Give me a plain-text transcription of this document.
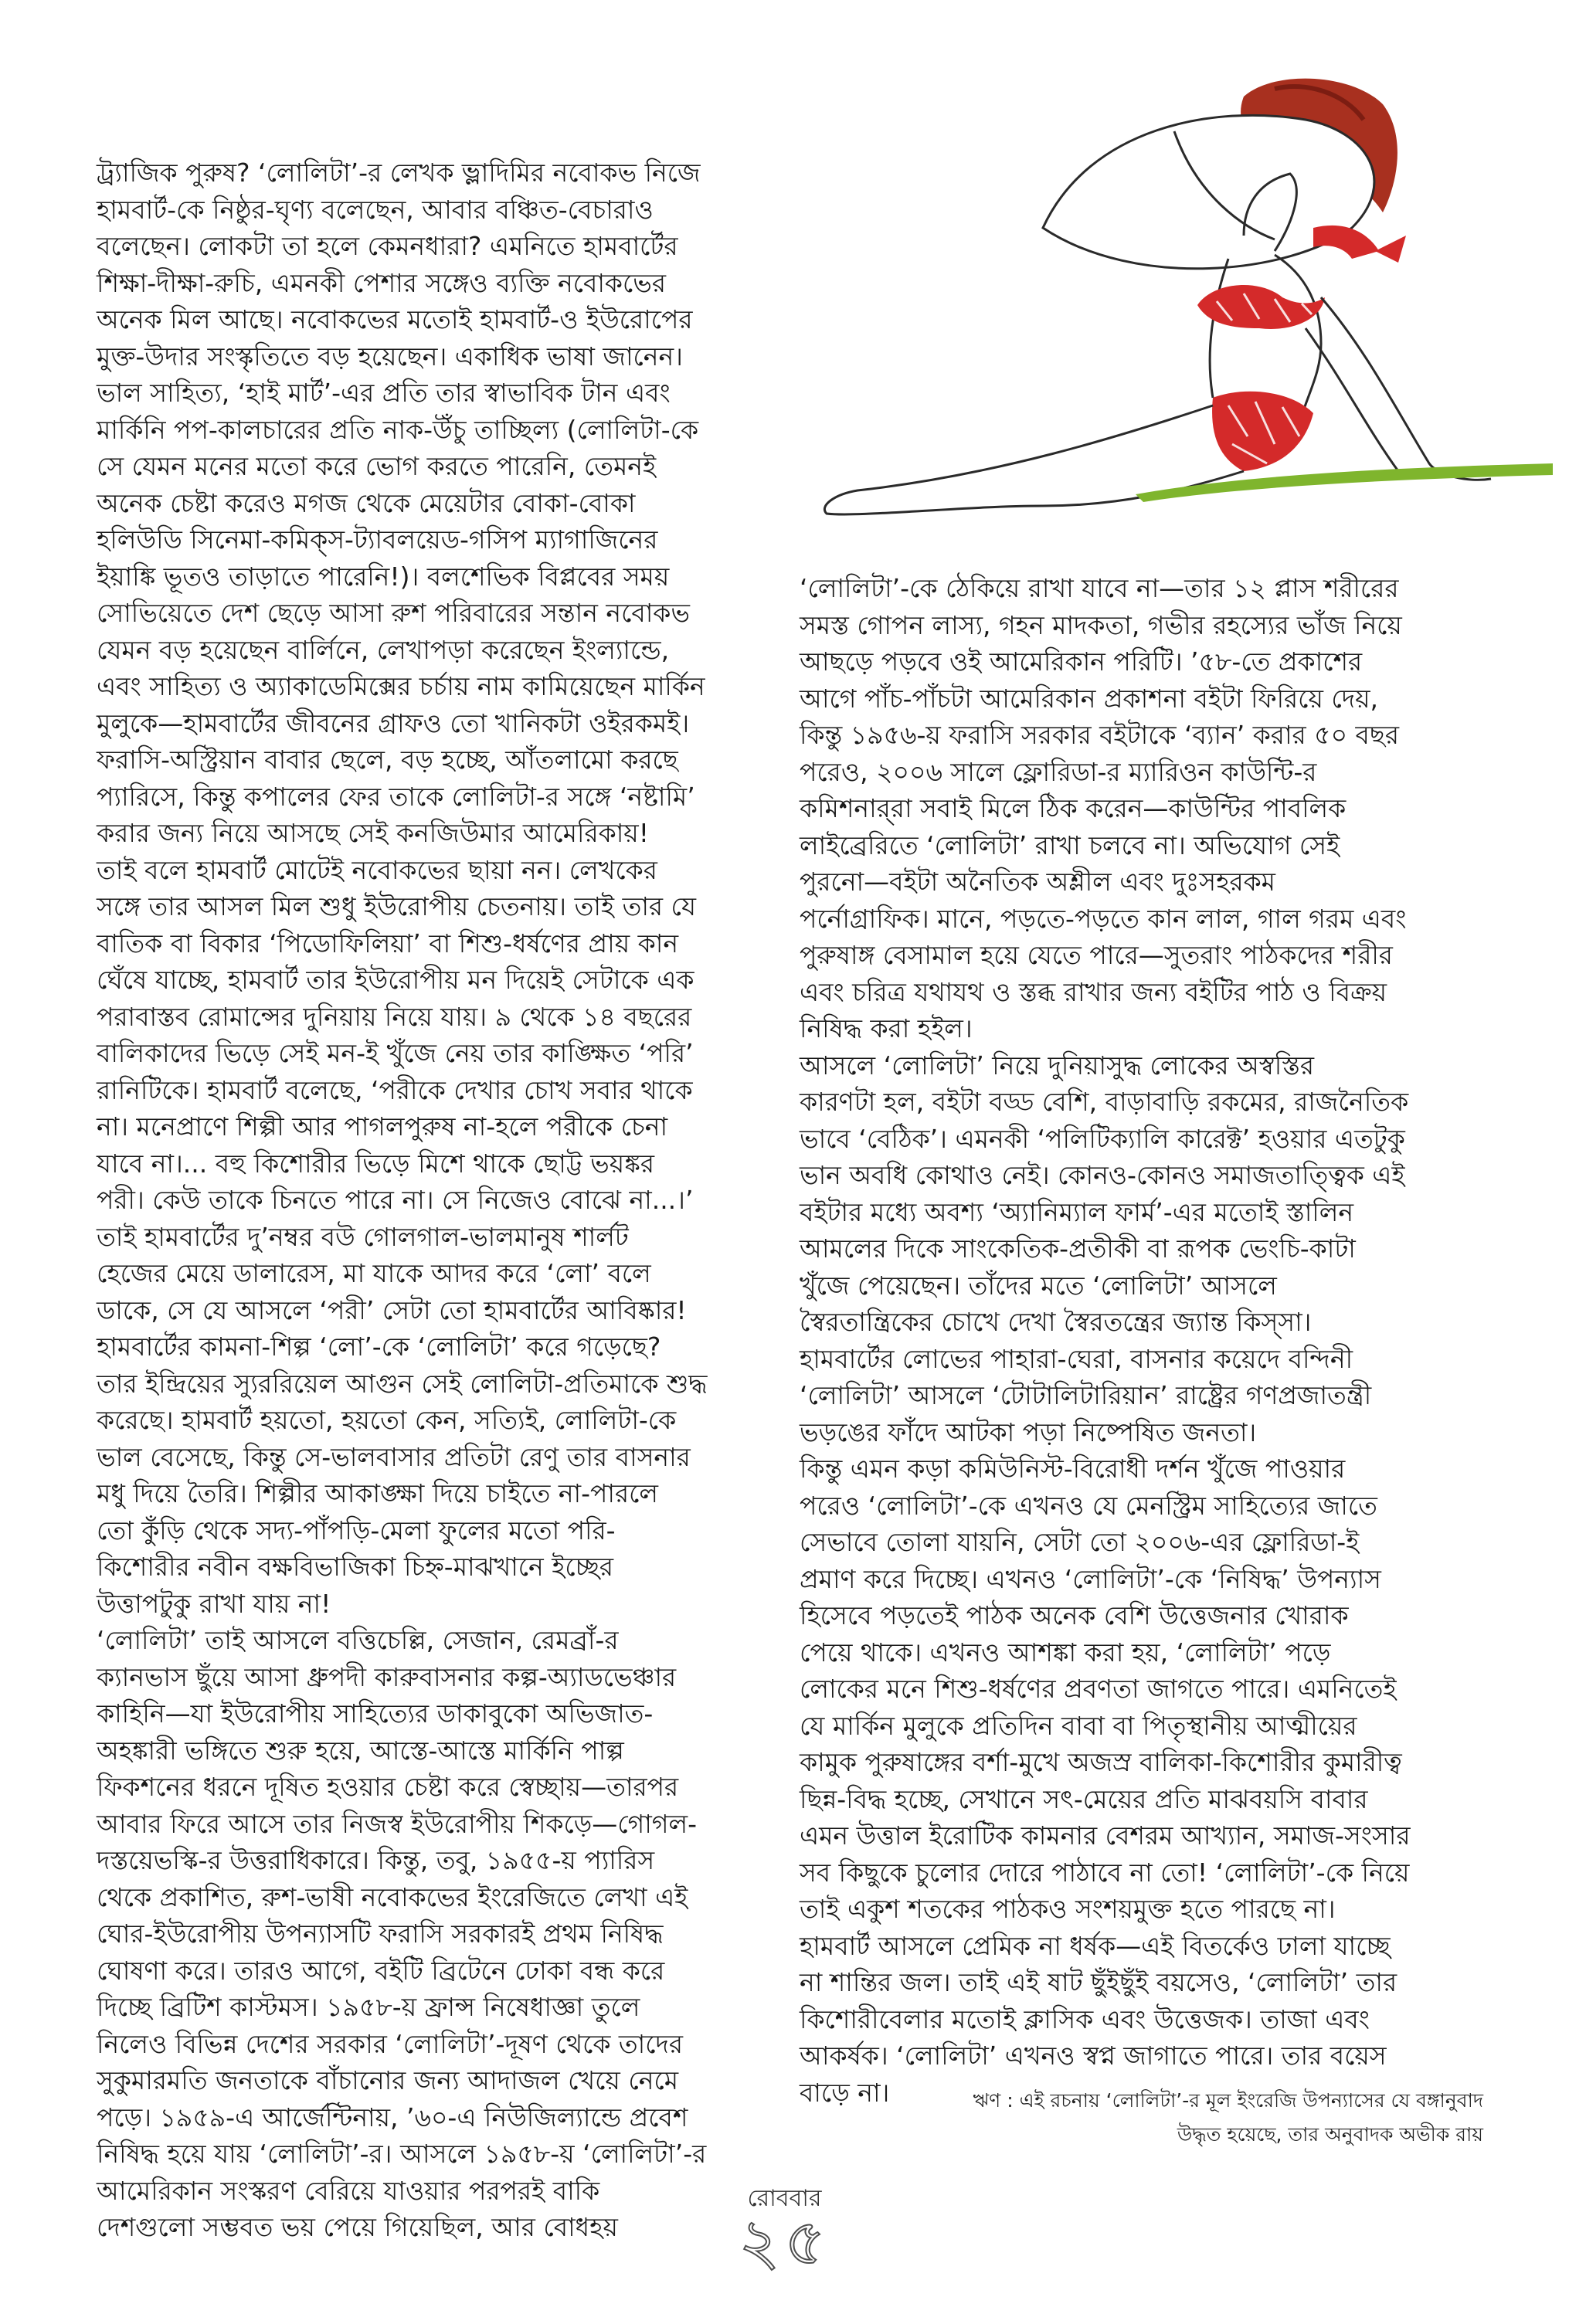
ট্র্যাজিক পুরুষ? ‘লোলিটা’-র লেখক ভ্লাদিমির নবোকভ নিজে

হামবার্ট-কে নিষ্ঠুর-ঘৃণ্য বলেছেন, আবার বঞ্চিত-বেচারাও

বলেছেন। লোকটা তা হলে কেমনধারা? এমনিতে হামবার্টের

শিক্ষা-দীক্ষা-রুচি, এমনকী পেশার সঙ্গেও ব্যক্তি নবোকভের

অনেক মিল আছে। নবোকভের মতোই হামবার্ট-ও ইউরোপের

মুক্ত-উদার সংস্কৃতিতে বড় হয়েছেন। একাধিক ভাষা জানেন।

ভাল সাহিত্য, ‘হাই মার্ট’-এর প্রতি তার স্বাভাবিক টান এবং

মার্কিনি পপ-কালচারের প্রতি নাক-উঁচু তাচ্ছিল্য (লোলিটা-কে

সে যেমন মনের মতো করে ভোগ করতে পারেনি, তেমনই

অনেক চেষ্টা করেও মগজ থেকে মেয়েটার বোকা-বোকা

হলিউডি সিনেমা-কমিক্‌স-ট্যাবলয়েড-গসিপ ম্যাগাজিনের

ইয়াঙ্কি ভূতও তাড়াতে পারেনি!)। বলশেভিক বিপ্লবের সময়

সোভিয়েতে দেশ ছেড়ে আসা রুশ পরিবারের সন্তান নবোকভ

যেমন বড় হয়েছেন বার্লিনে, লেখাপড়া করেছেন ইংল্যান্ডে,

এবং সাহিত্য ও অ্যাকাডেমিক্সের চর্চায় নাম কামিয়েছেন মার্কিন

মুলুকে—হামবার্টের জীবনের গ্রাফও তো খানিকটা ওইরকমই।

ফরাসি-অস্ট্রিয়ান বাবার ছেলে, বড় হচ্ছে, আঁতলামো করছে

প্যারিসে, কিন্তু কপালের ফের তাকে লোলিটা-র সঙ্গে ‘নষ্টামি’

করার জন্য নিয়ে আসছে সেই কনজিউমার আমেরিকায়!

তাই বলে হামবার্ট মোটেই নবোকভের ছায়া নন। লেখকের

সঙ্গে তার আসল মিল শুধু ইউরোপীয় চেতনায়। তাই তার যে

বাতিক বা বিকার ‘পিডোফিলিয়া’ বা শিশু-ধর্ষণের প্রায় কান

ঘেঁষে যাচ্ছে, হামবার্ট তার ইউরোপীয় মন দিয়েই সেটাকে এক

পরাবাস্তব রোমান্সের দুনিয়ায় নিয়ে যায়। ৯ থেকে ১৪ বছরের

বালিকাদের ভিড়ে সেই মন-ই খুঁজে নেয় তার কাঙ্ক্ষিত ‘পরি’

রানিটিকে। হামবার্ট বলেছে, ‘পরীকে দেখার চোখ সবার থাকে

না। মনেপ্রাণে শিল্পী আর পাগলপুরুষ না-হলে পরীকে চেনা

যাবে না।... বহু কিশোরীর ভিড়ে মিশে থাকে ছোট্ট ভয়ঙ্কর

পরী। কেউ তাকে চিনতে পারে না। সে নিজেও বোঝে না...।’

তাই হামবার্টের দু’নম্বর বউ গোলগাল-ভালমানুষ শার্লট

হেজের মেয়ে ডালারেস, মা যাকে আদর করে ‘লো’ বলে

ডাকে, সে যে আসলে ‘পরী’ সেটা তো হামবার্টের আবিষ্কার!

হামবার্টের কামনা-শিল্প ‘লো’-কে ‘লোলিটা’ করে গড়েছে?

তার ইন্দ্রিয়ের স্যুররিয়েল আগুন সেই লোলিটা-প্রতিমাকে শুদ্ধ

করেছে। হামবার্ট হয়তো, হয়তো কেন, সত্যিই, লোলিটা-কে

ভাল বেসেছে, কিন্তু সে-ভালবাসার প্রতিটা রেণু তার বাসনার

মধু দিয়ে তৈরি। শিল্পীর আকাঙ্ক্ষা দিয়ে চাইতে না-পারলে

তো কুঁড়ি থেকে সদ্য-পাঁপড়ি-মেলা ফুলের মতো পরি-

কিশোরীর নবীন বক্ষবিভাজিকা চিহ্ন-মাঝখানে ইচ্ছের

উত্তাপটুকু রাখা যায় না!

‘লোলিটা’ তাই আসলে বত্তিচেল্লি, সেজান, রেমব্রাঁ-র

ক্যানভাস ছুঁয়ে আসা ধ্রুপদী কারুবাসনার কল্প-অ্যাডভেঞ্চার

কাহিনি—যা ইউরোপীয় সাহিত্যের ডাকাবুকো অভিজাত-

অহঙ্কারী ভঙ্গিতে শুরু হয়ে, আস্তে-আস্তে মার্কিনি পাল্প

ফিকশনের ধরনে দূষিত হওয়ার চেষ্টা করে স্বেচ্ছায়—তারপর

আবার ফিরে আসে তার নিজস্ব ইউরোপীয় শিকড়ে—গোগল-

দস্তয়েভস্কি-র উত্তরাধিকারে। কিন্তু, তবু, ১৯৫৫-য় প্যারিস

থেকে প্রকাশিত, রুশ-ভাষী নবোকভের ইংরেজিতে লেখা এই

ঘোর-ইউরোপীয় উপন্যাসটি ফরাসি সরকারই প্রথম নিষিদ্ধ

ঘোষণা করে। তারও আগে, বইটি ব্রিটেনে ঢোকা বন্ধ করে

দিচ্ছে ব্রিটিশ কাস্টমস। ১৯৫৮-য় ফ্রান্স নিষেধাজ্ঞা তুলে

নিলেও বিভিন্ন দেশের সরকার ‘লোলিটা’-দূষণ থেকে তাদের

সুকুমারমতি জনতাকে বাঁচানোর জন্য আদাজল খেয়ে নেমে

পড়ে। ১৯৫৯-এ আর্জেন্টিনায়, ’৬০-এ নিউজিল্যান্ডে প্রবেশ

নিষিদ্ধ হয়ে যায় ‘লোলিটা’-র। আসলে ১৯৫৮-য় ‘লোলিটা’-র

আমেরিকান সংস্করণ বেরিয়ে যাওয়ার পরপরই বাকি

দেশগুলো সম্ভবত ভয় পেয়ে গিয়েছিল, আর বোধহয়

‘লোলিটা’-কে ঠেকিয়ে রাখা যাবে না—তার ১২ প্লাস শরীরের

সমস্ত গোপন লাস্য, গহন মাদকতা, গভীর রহস্যের ভাঁজ নিয়ে

আছড়ে পড়বে ওই আমেরিকান পরিটি। ’৫৮-তে প্রকাশের

আগে পাঁচ-পাঁচটা আমেরিকান প্রকাশনা বইটা ফিরিয়ে দেয়,

কিন্তু ১৯৫৬-য় ফরাসি সরকার বইটাকে ‘ব্যান’ করার ৫০ বছর

পরেও, ২০০৬ সালে ফ্লোরিডা-র ম্যারিওন কাউন্টি-র

কমিশনার্‌রা সবাই মিলে ঠিক করেন—কাউন্টির পাবলিক

লাইব্রেরিতে ‘লোলিটা’ রাখা চলবে না। অভিযোগ সেই

পুরনো—বইটা অনৈতিক অশ্লীল এবং দুঃসহরকম

পর্নোগ্রাফিক। মানে, পড়তে-পড়তে কান লাল, গাল গরম এবং

পুরুষাঙ্গ বেসামাল হয়ে যেতে পারে—সুতরাং পাঠকদের শরীর

এবং চরিত্র যথাযথ ও স্তব্ধ রাখার জন্য বইটির পাঠ ও বিক্রয়

নিষিদ্ধ করা হইল।

আসলে ‘লোলিটা’ নিয়ে দুনিয়াসুদ্ধ লোকের অস্বস্তির

কারণটা হল, বইটা বড্ড বেশি, বাড়াবাড়ি রকমের, রাজনৈতিক

ভাবে ‘বেঠিক’। এমনকী ‘পলিটিক্যালি কারেক্ট’ হওয়ার এতটুকু

ভান অবধি কোথাও নেই। কোনও-কোনও সমাজতাত্ত্বিক এই

বইটার মধ্যে অবশ্য ‘অ্যানিম্যাল ফার্ম’-এর মতোই স্তালিন

আমলের দিকে সাংকেতিক-প্রতীকী বা রূপক ভেংচি-কাটা

খুঁজে পেয়েছেন। তাঁদের মতে ‘লোলিটা’ আসলে

স্বৈরতান্ত্রিকের চোখে দেখা স্বৈরতন্ত্রের জ্যান্ত কিস্‌সা।

হামবার্টের লোভের পাহারা-ঘেরা, বাসনার কয়েদে বন্দিনী

‘লোলিটা’ আসলে ‘টোটালিটারিয়ান’ রাষ্ট্রের গণপ্রজাতন্ত্রী

ভড়ঙের ফাঁদে আটকা পড়া নিষ্পেষিত জনতা।

কিন্তু এমন কড়া কমিউনিস্ট-বিরোধী দর্শন খুঁজে পাওয়ার

পরেও ‘লোলিটা’-কে এখনও যে মেনস্ট্রিম সাহিত্যের জাতে

সেভাবে তোলা যায়নি, সেটা তো ২০০৬-এর ফ্লোরিডা-ই

প্রমাণ করে দিচ্ছে। এখনও ‘লোলিটা’-কে ‘নিষিদ্ধ’ উপন্যাস

হিসেবে পড়তেই পাঠক অনেক বেশি উত্তেজনার খোরাক

পেয়ে থাকে। এখনও আশঙ্কা করা হয়, ‘লোলিটা’ পড়ে

লোকের মনে শিশু-ধর্ষণের প্রবণতা জাগতে পারে। এমনিতেই

যে মার্কিন মুলুকে প্রতিদিন বাবা বা পিতৃস্থানীয় আত্মীয়ের

কামুক পুরুষাঙ্গের বর্শা-মুখে অজস্র বালিকা-কিশোরীর কুমারীত্ব

ছিন্ন-বিদ্ধ হচ্ছে, সেখানে সৎ-মেয়ের প্রতি মাঝবয়সি বাবার

এমন উত্তাল ইরোটিক কামনার বেশরম আখ্যান, সমাজ-সংসার

সব কিছুকে চুলোর দোরে পাঠাবে না তো! ‘লোলিটা’-কে নিয়ে

তাই একুশ শতকের পাঠকও সংশয়মুক্ত হতে পারছে না।

হামবার্ট আসলে প্রেমিক না ধর্ষক—এই বিতর্কেও ঢালা যাচ্ছে

না শান্তির জল। তাই এই ষাট ছুঁইছুঁই বয়সেও, ‘লোলিটা’ তার

কিশোরীবেলার মতোই ক্লাসিক এবং উত্তেজক। তাজা এবং

আকর্ষক। ‘লোলিটা’ এখনও স্বপ্ন জাগাতে পারে। তার বয়েস

বাড়ে না।	ঋণ : এই রচনায় ‘লোলিটা’-র মূল ইংরেজি উপন্যাসের যে বঙ্গানুবাদ

উদ্ধৃত হয়েছে, তার অনুবাদক অভীক রায়

রোববার
২৫
